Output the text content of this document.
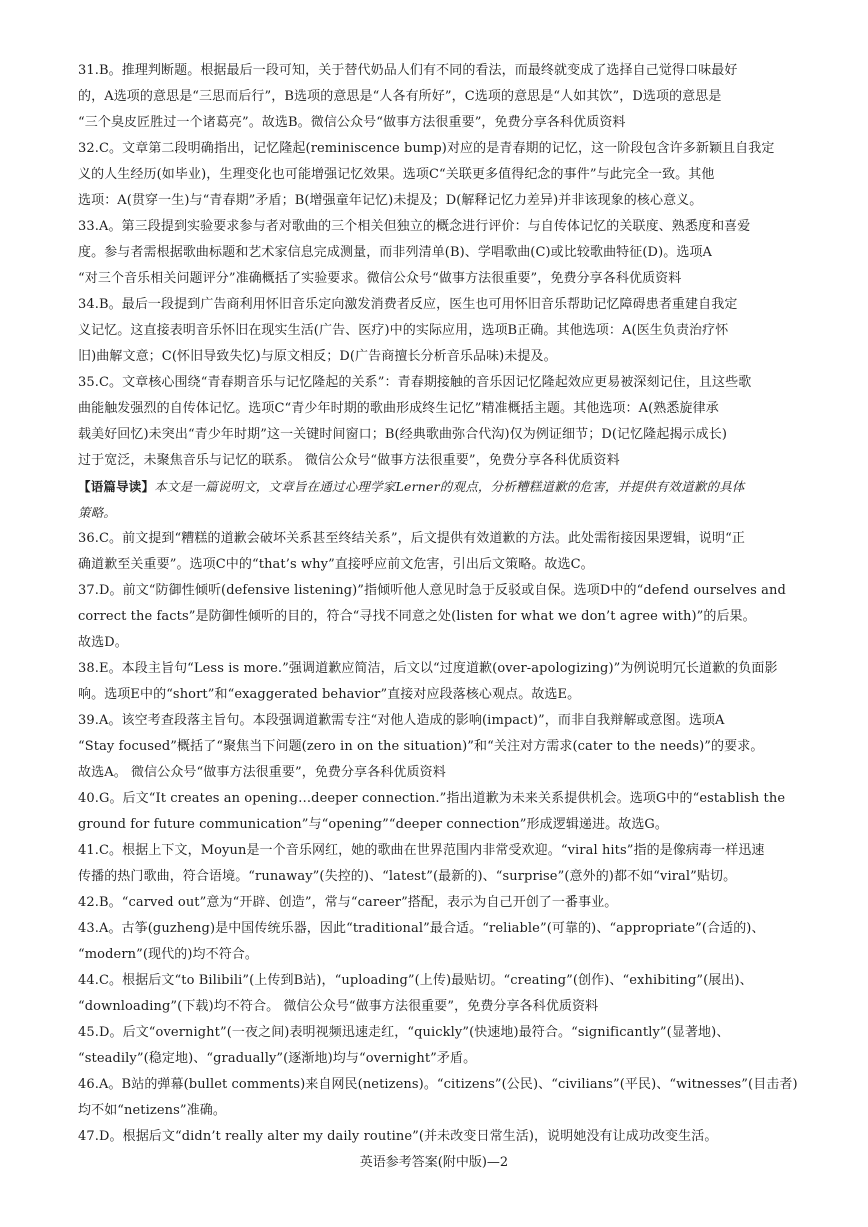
31.B。推理判断题。根据最后一段可知，关于替代奶品人们有不同的看法，而最终就变成了选择自己觉得口味最好
的，A选项的意思是“三思而后行”，B选项的意思是“人各有所好”，C选项的意思是“人如其饮”，D选项的意思是
“三个臭皮匠胜过一个诸葛亮”。故选B。微信公众号“做事方法很重要”，免费分享各科优质资料
32.C。文章第二段明确指出，记忆隆起(reminiscence bump)对应的是青春期的记忆，这一阶段包含许多新颖且自我定
义的人生经历(如毕业)，生理变化也可能增强记忆效果。选项C“关联更多值得纪念的事件”与此完全一致。其他
选项：A(贯穿一生)与“青春期”矛盾；B(增强童年记忆)未提及；D(解释记忆力差异)并非该现象的核心意义。
33.A。第三段提到实验要求参与者对歌曲的三个相关但独立的概念进行评价：与自传体记忆的关联度、熟悉度和喜爱
度。参与者需根据歌曲标题和艺术家信息完成测量，而非列清单(B)、学唱歌曲(C)或比较歌曲特征(D)。选项A
“对三个音乐相关问题评分”准确概括了实验要求。微信公众号“做事方法很重要”，免费分享各科优质资料
34.B。最后一段提到广告商利用怀旧音乐定向激发消费者反应，医生也可用怀旧音乐帮助记忆障碍患者重建自我定
义记忆。这直接表明音乐怀旧在现实生活(广告、医疗)中的实际应用，选项B正确。其他选项：A(医生负责治疗怀
旧)曲解文意；C(怀旧导致失忆)与原文相反；D(广告商擅长分析音乐品味)未提及。
35.C。文章核心围绕“青春期音乐与记忆隆起的关系”：青春期接触的音乐因记忆隆起效应更易被深刻记住，且这些歌
曲能触发强烈的自传体记忆。选项C“青少年时期的歌曲形成终生记忆”精准概括主题。其他选项：A(熟悉旋律承
载美好回忆)未突出“青少年时期”这一关键时间窗口；B(经典歌曲弥合代沟)仅为例证细节；D(记忆隆起揭示成长)
过于宽泛，未聚焦音乐与记忆的联系。 微信公众号“做事方法很重要”，免费分享各科优质资料
【语篇导读】本文是一篇说明文，文章旨在通过心理学家Lerner的观点，分析糟糕道歉的危害，并提供有效道歉的具体
策略。
36.C。前文提到“糟糕的道歉会破坏关系甚至终结关系”，后文提供有效道歉的方法。此处需衔接因果逻辑，说明“正
确道歉至关重要”。选项C中的“that’s why”直接呼应前文危害，引出后文策略。故选C。
37.D。前文“防御性倾听(defensive listening)”指倾听他人意见时急于反驳或自保。选项D中的“defend ourselves and
correct the facts”是防御性倾听的目的，符合“寻找不同意之处(listen for what we don’t agree with)”的后果。
故选D。
38.E。本段主旨句“Less is more.”强调道歉应简洁，后文以“过度道歉(over-apologizing)”为例说明冗长道歉的负面影
响。选项E中的“short”和“exaggerated behavior”直接对应段落核心观点。故选E。
39.A。该空考查段落主旨句。本段强调道歉需专注“对他人造成的影响(impact)”，而非自我辩解或意图。选项A
“Stay focused”概括了“聚焦当下问题(zero in on the situation)”和“关注对方需求(cater to the needs)”的要求。
故选A。 微信公众号“做事方法很重要”，免费分享各科优质资料
40.G。后文“It creates an opening…deeper connection.”指出道歉为未来关系提供机会。选项G中的“establish the
ground for future communication”与“opening”“deeper connection”形成逻辑递进。故选G。
41.C。根据上下文，Moyun是一个音乐网红，她的歌曲在世界范围内非常受欢迎。“viral hits”指的是像病毒一样迅速
传播的热门歌曲，符合语境。“runaway”(失控的)、“latest”(最新的)、“surprise”(意外的)都不如“viral”贴切。
42.B。“carved out”意为“开辟、创造”，常与“career”搭配，表示为自己开创了一番事业。
43.A。古筝(guzheng)是中国传统乐器，因此“traditional”最合适。“reliable”(可靠的)、“appropriate”(合适的)、
“modern”(现代的)均不符合。
44.C。根据后文“to Bilibili”(上传到B站)，“uploading”(上传)最贴切。“creating”(创作)、“exhibiting”(展出)、
“downloading”(下载)均不符合。 微信公众号“做事方法很重要”，免费分享各科优质资料
45.D。后文“overnight”(一夜之间)表明视频迅速走红，“quickly”(快速地)最符合。“significantly”(显著地)、
“steadily”(稳定地)、“gradually”(逐渐地)均与“overnight”矛盾。
46.A。B站的弹幕(bullet comments)来自网民(netizens)。“citizens”(公民)、“civilians”(平民)、“witnesses”(目击者)
均不如“netizens”准确。
47.D。根据后文“didn’t really alter my daily routine”(并未改变日常生活)，说明她没有让成功改变生活。
英语参考答案(附中版)—2
